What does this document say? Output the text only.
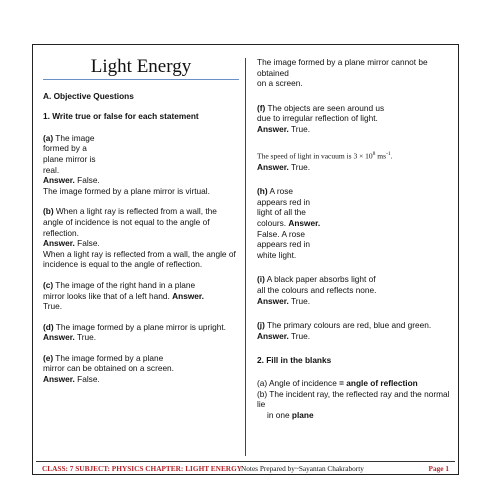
Light Energy
A. Objective Questions
1. Write true or false for each statement
(a) The image
formed by a
plane mirror is
real.
Answer. False.
The image formed by a plane mirror is virtual.
(b) When a light ray is reflected from a wall, the angle of incidence is not equal to the angle of reflection.
Answer. False.
When a light ray is reflected from a wall, the angle of incidence is equal to the angle of reflection.
(c) The image of the right hand in a plane
mirror looks like that of a left hand. Answer.
True.
(d) The image formed by a plane mirror is upright.
Answer. True.
(e) The image formed by a plane
mirror can be obtained on a screen.
Answer. False.
The image formed by a plane mirror cannot be obtained
on a screen.
(f) The objects are seen around us
due to irregular reflection of light.
Answer. True.
The speed of light in vacuum is $3 \times 10^8$ $ms^{-1}$.
Answer. True.
(h) A rose
appears red in
light of all the
colours. Answer.
False. A rose
appears red in
white light.
(i) A black paper absorbs light of
all the colours and reflects none.
Answer. True.
(j) The primary colours are red, blue and green.
Answer. True.
2. Fill in the blanks
(a) Angle of incidence = angle of reflection
(b) The incident ray, the reflected ray and the normal lie
in one plane
CLASS: 7 SUBJECT: PHYSICS CHAPTER: LIGHT ENERGY
Notes Prepared by~Sayantan Chakraborty	Page 1
